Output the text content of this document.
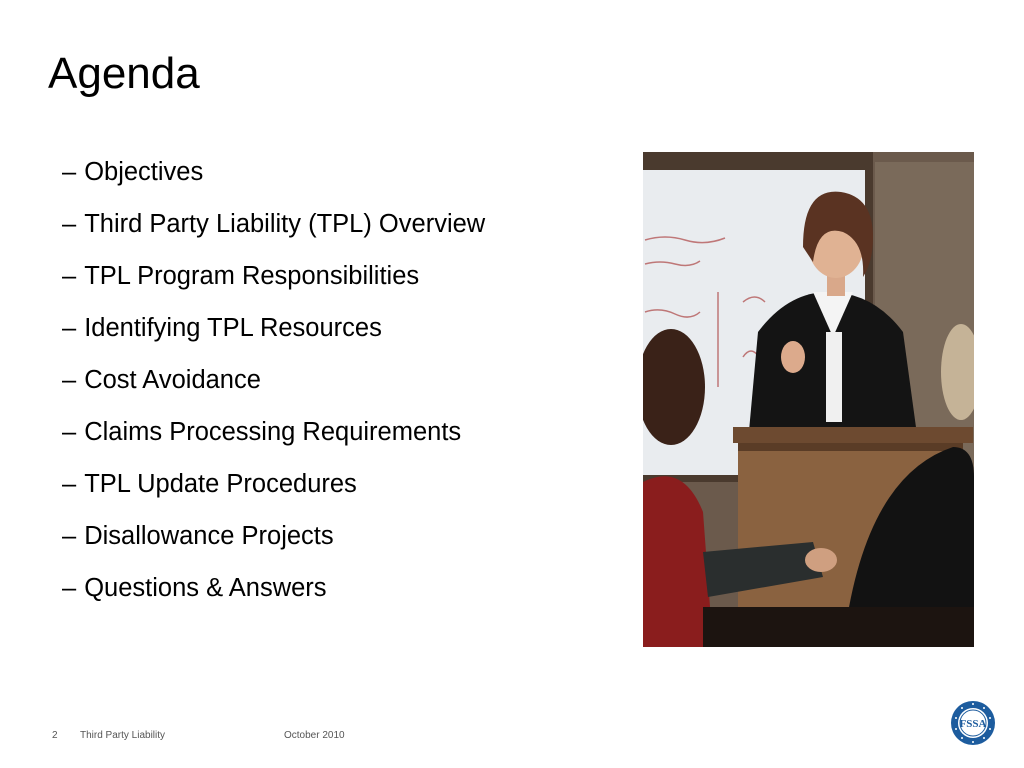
Agenda
– Objectives
– Third Party Liability (TPL) Overview
– TPL Program Responsibilities
– Identifying TPL Resources
– Cost Avoidance
– Claims Processing Requirements
– TPL Update Procedures
– Disallowance Projects
– Questions & Answers
2 Third Party Liability	October 2010
FSSA
